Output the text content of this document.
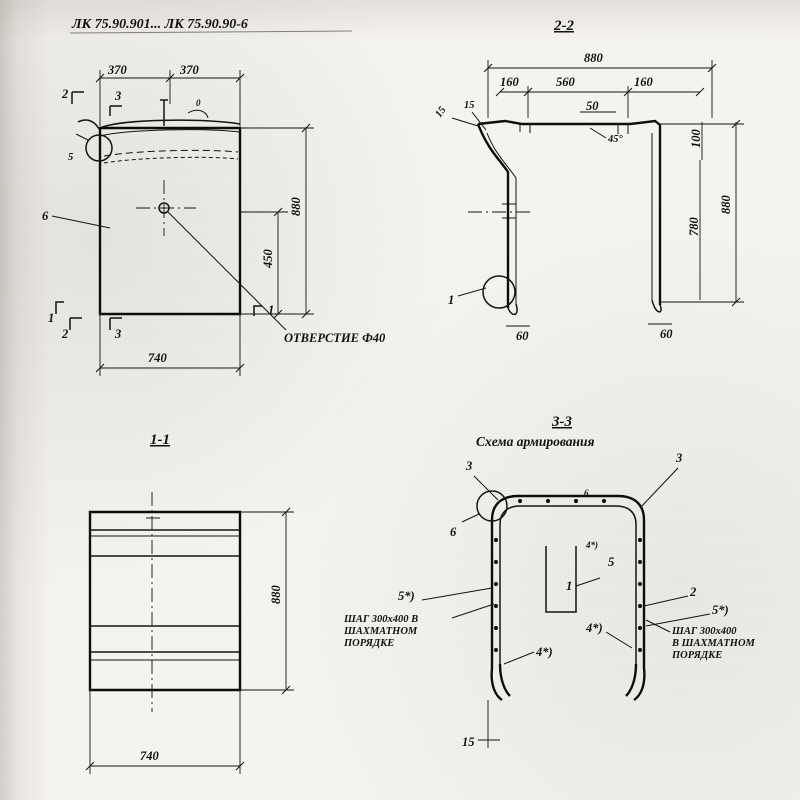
ЛК 75.90.901... ЛК 75.90.90-6
5
6
0
ОТВЕРСТИЕ Ф40
2	3
2	3
1
1
370	370
880
450
740
2-2
45°
1
880
160	560	160
50
15 15
100
780
880
60	60
1-1
880
740
3-3
Схема армирования
6
3
3
6
4*)
5
1	2
5*)
5*)
ШАГ 300х400 В
ШАХМАТНОМ
ПОРЯДКЕ
ШАГ 300х400
В ШАХМАТНОМ
ПОРЯДКЕ
4*)
4*)
15
